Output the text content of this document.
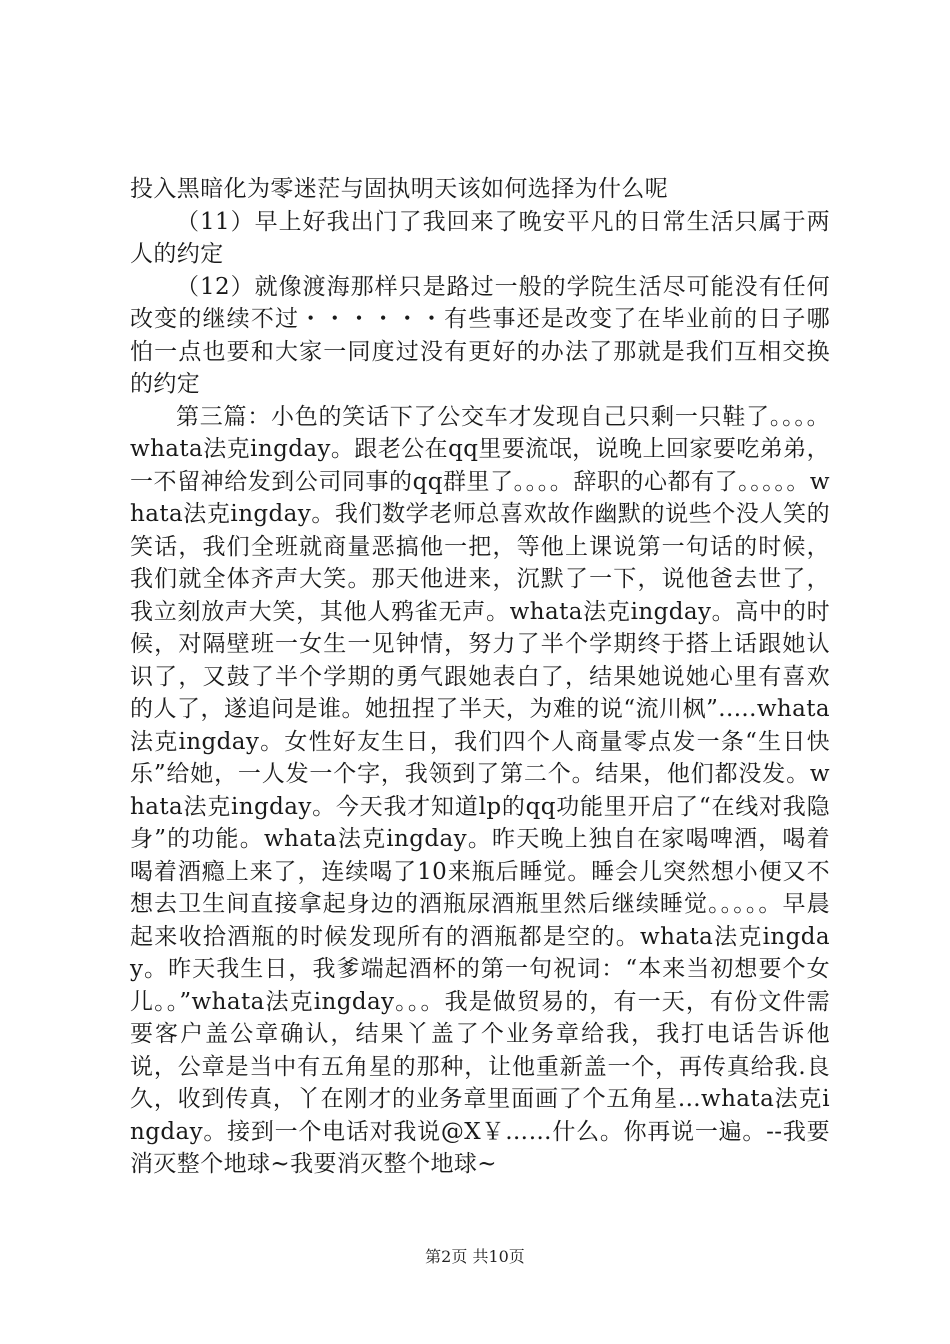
投入黑暗化为零迷茫与固执明天该如何选择为什么呢

（11）早上好我出门了我回来了晚安平凡的日常生活只属于两人的约定

（12）就像渡海那样只是路过一般的学院生活尽可能没有任何改变的继续不过・・・・・・有些事还是改变了在毕业前的日子哪怕一点也要和大家一同度过没有更好的办法了那就是我们互相交换的约定

第三篇：小色的笑话下了公交车才发现自己只剩一只鞋了。。。。whata法克ingday。跟老公在qq里要流氓，说晚上回家要吃弟弟，一不留神给发到公司同事的qq群里了。。。。辞职的心都有了。。。。。whata法克ingday。我们数学老师总喜欢故作幽默的说些个没人笑的笑话，我们全班就商量恶搞他一把，等他上课说第一句话的时候，我们就全体齐声大笑。那天他进来，沉默了一下，说他爸去世了，我立刻放声大笑，其他人鸦雀无声。whata法克ingday。高中的时候，对隔壁班一女生一见钟情，努力了半个学期终于搭上话跟她认识了，又鼓了半个学期的勇气跟她表白了，结果她说她心里有喜欢的人了，遂追问是谁。她扭捏了半天，为难的说“流川枫”.....whata法克ingday。女性好友生日，我们四个人商量零点发一条“生日快乐”给她，一人发一个字，我领到了第二个。结果，他们都没发。whata法克ingday。今天我才知道lp的qq功能里开启了“在线对我隐身”的功能。whata法克ingday。昨天晚上独自在家喝啤酒，喝着喝着酒瘾上来了，连续喝了10来瓶后睡觉。睡会儿突然想小便又不想去卫生间直接拿起身边的酒瓶尿酒瓶里然后继续睡觉。。。。。早晨起来收拾酒瓶的时候发现所有的酒瓶都是空的。whata法克ingday。昨天我生日，我爹端起酒杯的第一句祝词：“本来当初想要个女儿。。”whata法克ingday。。。我是做贸易的，有一天，有份文件需要客户盖公章确认，结果丫盖了个业务章给我，我打电话告诉他说，公章是当中有五角星的那种，让他重新盖一个，再传真给我.良久，收到传真，丫在刚才的业务章里面画了个五角星...whata法克ingday。接到一个电话对我说@X￥……什么。你再说一遍。--我要消灭整个地球~我要消灭整个地球~

第2页 共10页
